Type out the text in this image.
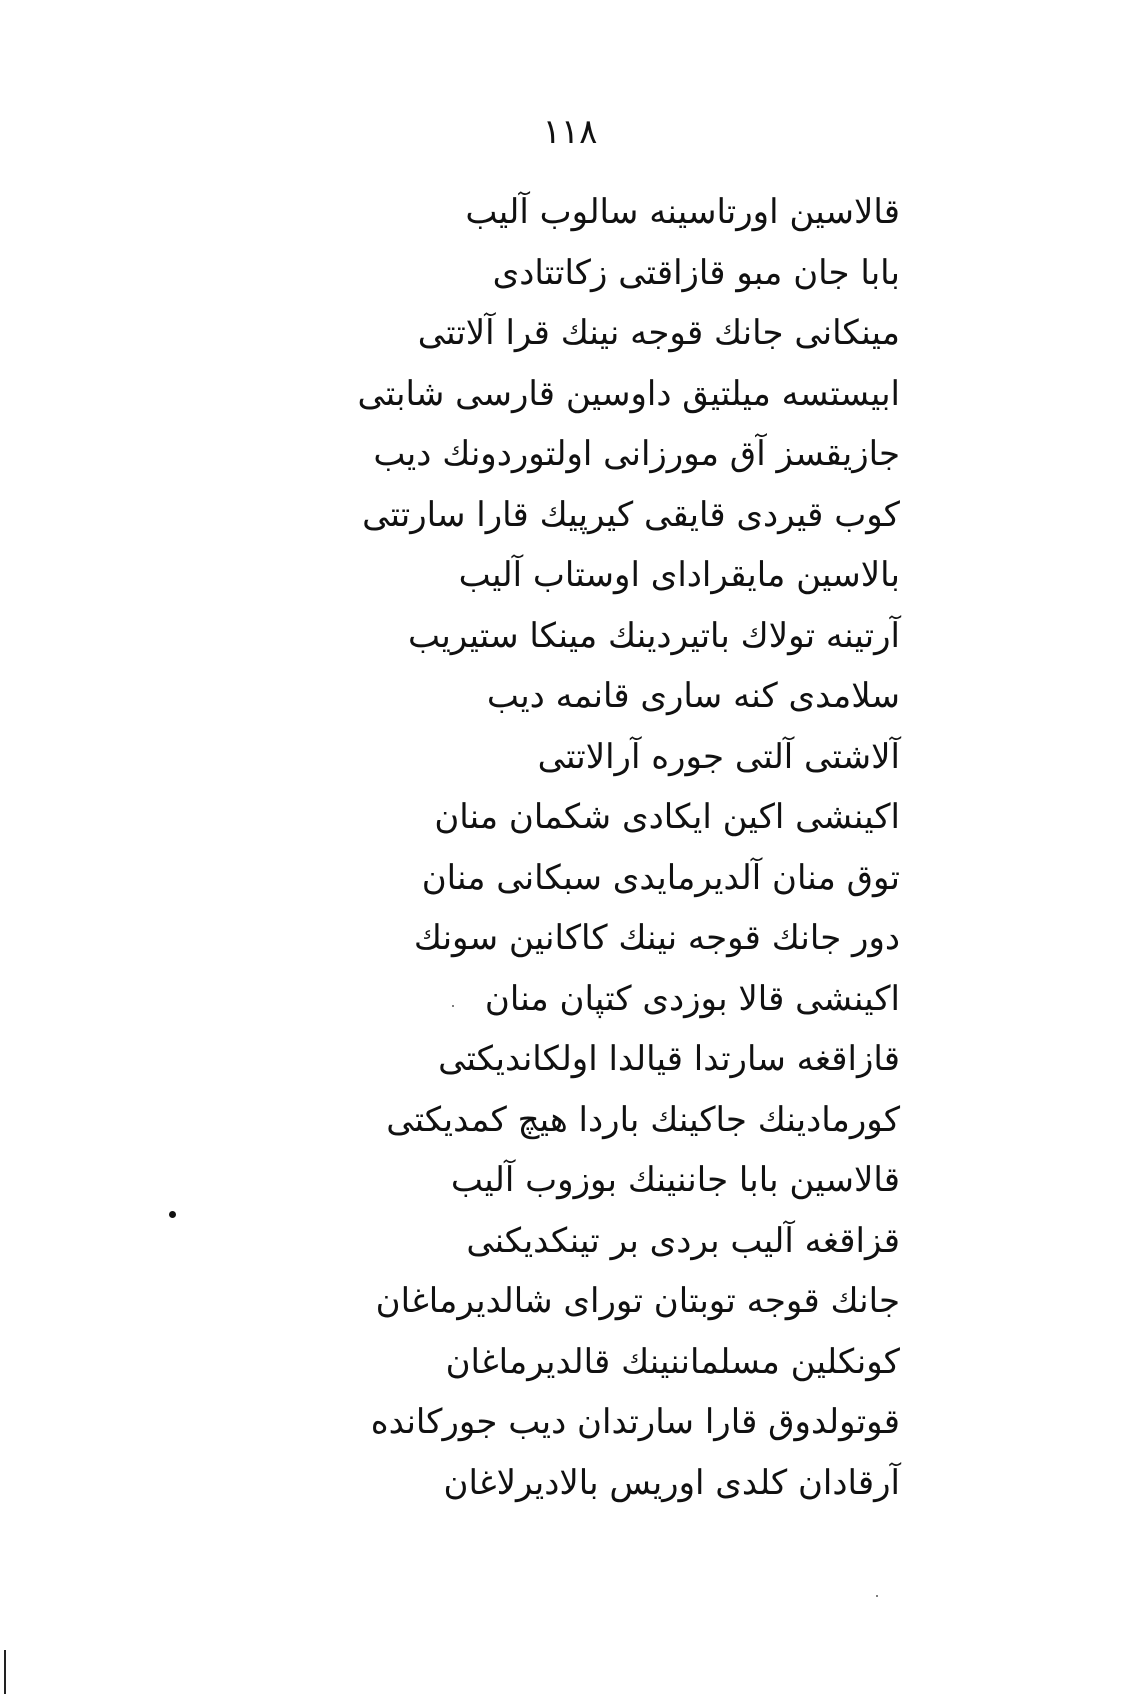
١١٨
قالاسين اورتاسينه سالوب آليب
بابا جان مبو قازاقتى زكاتتادى
مينكانى جانك قوجه نينك قرا آلاتتى
ابيستسه ميلتيق داوسين قارسى شابتى
جازيقسز آق مورزانى اولتوردونك ديب
كوب قيردى قايقى كيرپيك قارا سارتتى
بالاسين مايقراداى اوستاب آليب
آرتينه تولاك باتيردينك مينكا ستيريب
سلامدى كنه سارى قانمه ديب
آلاشتى آلتى جوره آرالاتتى
اكينشى اكين ايكادى شكمان منان
توق منان آلديرمايدى سبكانى منان
دور جانك قوجه نينك كاكانين سونك
اكينشى قالا بوزدى كتپان منان
قازاقغه سارتدا قيالدا اولكانديكتى
كورمادينك جاكينك باردا هيچ كمديكتى
قالاسين بابا جاننينك بوزوب آليب
قزاقغه آليب بردى بر تينكديكنى
جانك قوجه توبتان توراى شالديرماغان
كونكلين مسلماننينك قالديرماغان
قوتولدوق قارا سارتدان ديب جوركانده
آرقادان كلدى اوريس بالاديرلاغان
